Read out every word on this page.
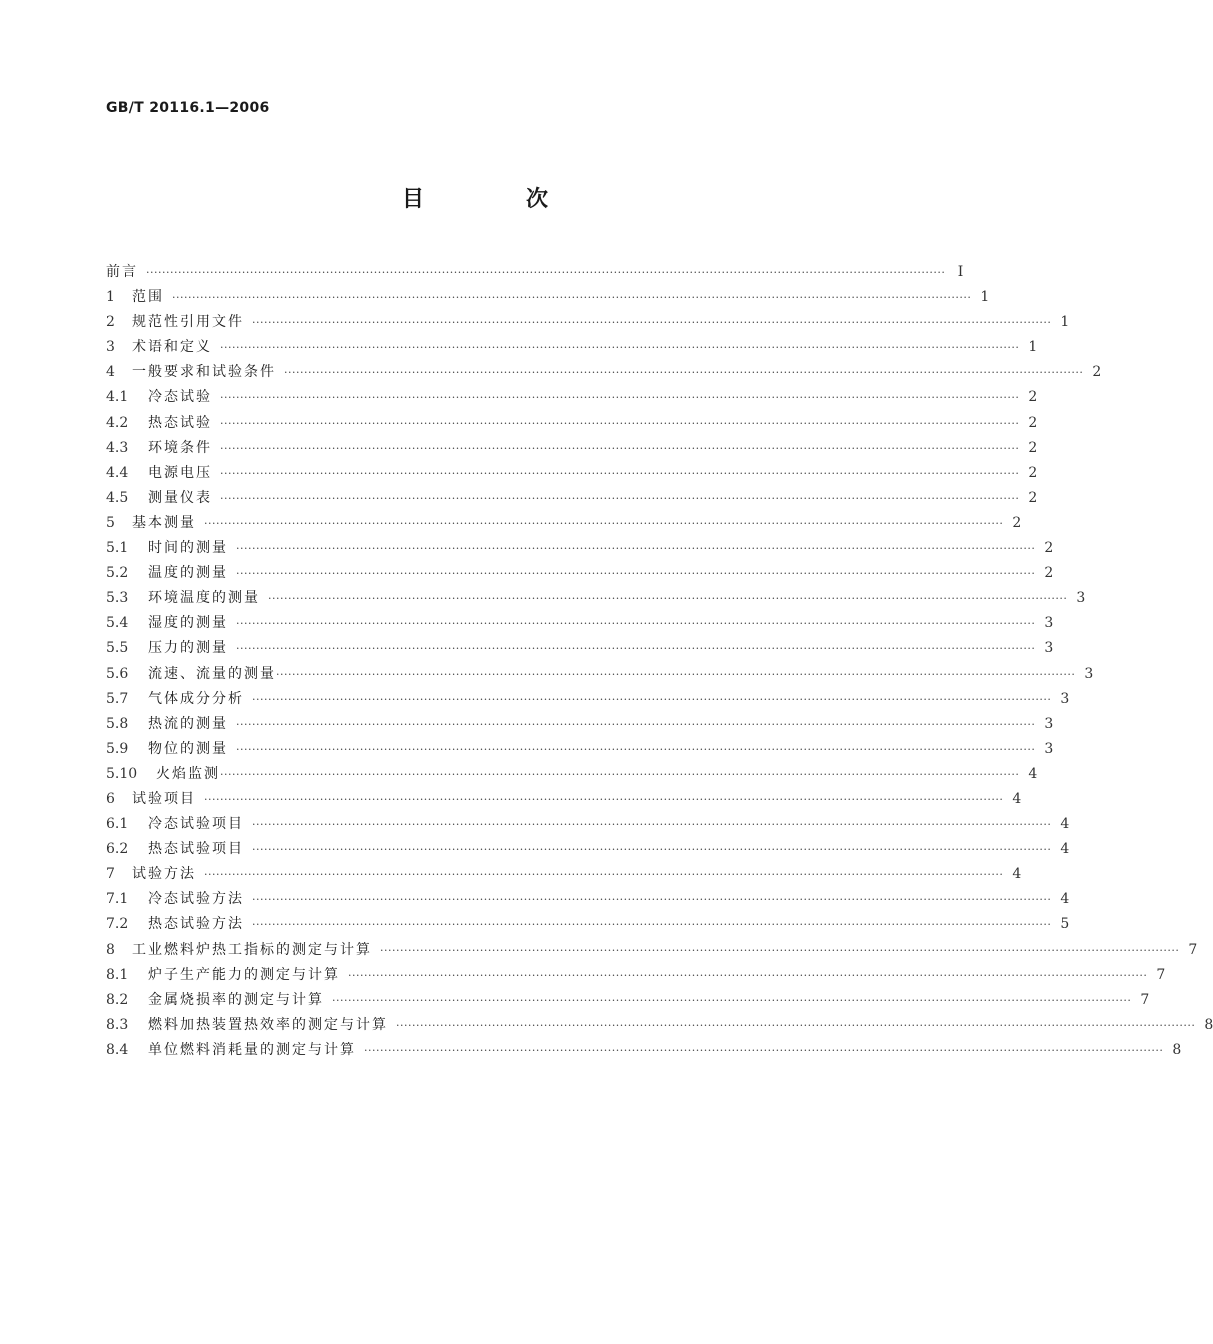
GB/T 20116.1—2006
目　次
前言 ········································································································································································································ Ⅰ
1	范围 ········································································································································································································ 1
2	规范性引用文件 ········································································································································································································ 1
3	术语和定义 ········································································································································································································ 1
4	一般要求和试验条件 ········································································································································································································ 2
4.1	冷态试验 ········································································································································································································ 2
4.2	热态试验 ········································································································································································································ 2
4.3	环境条件 ········································································································································································································ 2
4.4	电源电压 ········································································································································································································ 2
4.5	测量仪表 ········································································································································································································ 2
5	基本测量 ········································································································································································································ 2
5.1	时间的测量 ········································································································································································································ 2
5.2	温度的测量 ········································································································································································································ 2
5.3	环境温度的测量 ········································································································································································································ 3
5.4	湿度的测量 ········································································································································································································ 3
5.5	压力的测量 ········································································································································································································ 3
5.6	流速、流量的测量 ········································································································································································································ 3
5.7	气体成分分析 ········································································································································································································ 3
5.8	热流的测量 ········································································································································································································ 3
5.9	物位的测量 ········································································································································································································ 3
5.10	火焰监测 ········································································································································································································ 4
6	试验项目 ········································································································································································································ 4
6.1	冷态试验项目 ········································································································································································································ 4
6.2	热态试验项目 ········································································································································································································ 4
7	试验方法 ········································································································································································································ 4
7.1	冷态试验方法 ········································································································································································································ 4
7.2	热态试验方法 ········································································································································································································ 5
8	工业燃料炉热工指标的测定与计算 ········································································································································································································ 7
8.1	炉子生产能力的测定与计算 ········································································································································································································ 7
8.2	金属烧损率的测定与计算 ········································································································································································································ 7
8.3	燃料加热装置热效率的测定与计算 ········································································································································································································ 8
8.4	单位燃料消耗量的测定与计算 ········································································································································································································ 8
